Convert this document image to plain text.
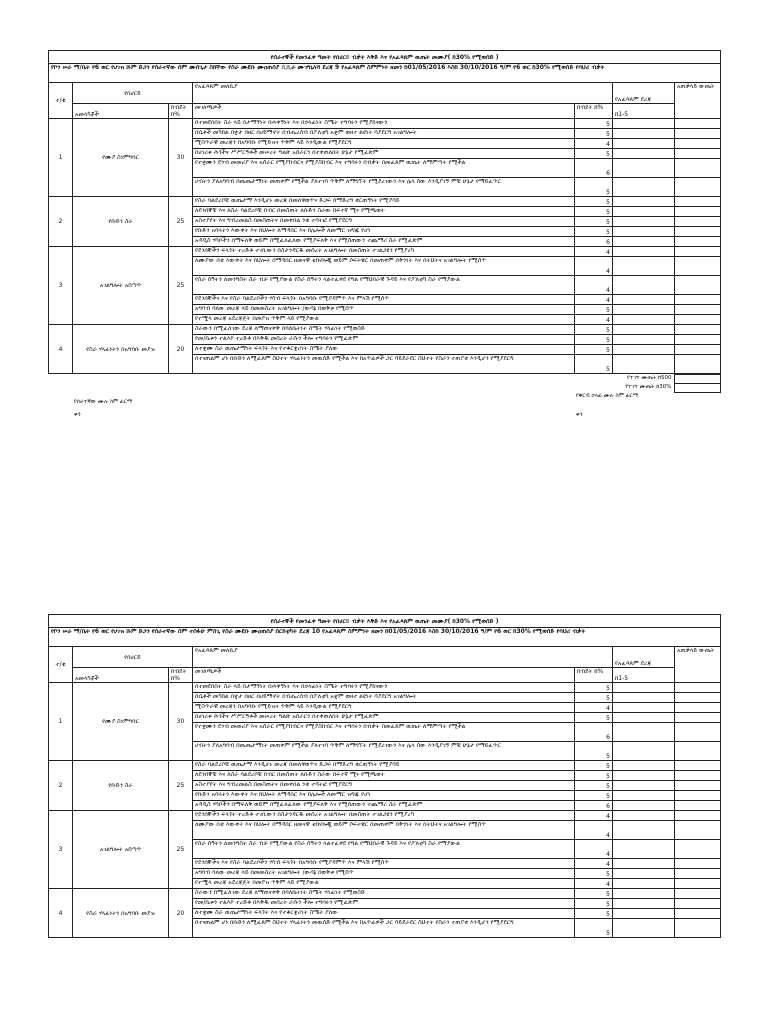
የሰራተኞች የመንፈቀ ዓመት የበሀርይ ብቃት እቅድ እና የአፈጻጸም ዉጤት መሙያ( ከ30% የሚወሰድ )						
የኮን ሠራ ማ/ቤት የ6 ወር የሀገዝ ሹም ድጋን የሰራተኛው ሰም ሙሰጊታ ስከቸው የስራ ሙደቡ ሙዐጠሰያ ሲሺራ ሙገግኒለሻ ደረጃ 9 የአፈጻጸም ስምምነት ዘመን ከ01/05/2016 እስከ 30/10/2016 ዓ/ም የ6 ወር ከ30% የሚወሰድ የባህሪ ብቃት						
ተ/ቁ	የበሀርይ		የአፈጻጸም መለኪያ		የአፈጻጸም ደረጃ	አጠቃላይ ውጤት
	አመላካቾች	ክብደት ከ%	መገለጫዎች	ክብደት ከ%	ከ1-5	
1	የሙያ ስነምግባር	30	በተመደበበት ስራ ላይ በታማኝነት በሐቀኝነት እና በኃላፊነት ስሜት ተግባሩን የሚያከናውን	5		
			በሴቶች መካከል በቋታ በዘር በሀይማኖት በብሔረሰብ በፖለቲካ አቋም ወዘተ ልዩነት ሳያደርግ አገልግሎት	5		
			ሚስጥራዊ መረጃን በአግባቡ የሚይዝና ጥቅም ላይ እንዲውል የሚያደርግ	4		
			በሀገሪቱ ሕጎችና ሥሥርዓቶች መሠረት ግልጽ አሰራርን በተቀጠለበት ሁኔታ የሚፈጽም	5		
			የተቋሙን ደንብ መመሪያ እና አሰራር የሚያከብርና የሚያስከብር እና ተግባሩን በብቃት በመፈጸም ዉጤት ለማምጣት የሚችል	6		
			ሀብትን ያለአግባብ በጤጤታማነት መጠቀም የሚችል ያለተገባ ጥቅም ለማግኘት የሚደረገውን እና ሌላ ሰው እንዲያገኝ ምቹ ሁኔታ የማይፈጥር	5		
2	የቡድን ስራ	25	የስራ ባልደረቦቹ ዉጤታማ እንዲሆኑ መረጃ በመለዋወጥና ድጋፍ በማድረግ ቁርጠኝነት የሚያሳይ	5		
			ለደንበኞቹ እና ለስራ ባልደረቦቹ ክብር በመስጠት ለቡድን ስራው ከፍተኛ ሚና የሚጫወት	5		
			አስተያየት እና ግብረመልስ በመስጠትና በመቀበል ንቁ ተሳትፎ የሚያደርግ	5		
			የቡድን አባላትን እውቀት እና ክህሎት ለማዳበር እና ክሌሎች ለመማር ዝግጁ የሆነ	5		
			አዳዲስ ሃሳቦችን በማፍለቅ ወይም በሚፈለፈለው የሚያፍለቅ እና የሚሰጠውን ተጨማሪ ስራ የሚፈጽም	6		
3	አገልግሎት አሰጣጥ	25	የደንበኞችን ፍላጎት ተረድቶ ተገቢውን በስታንዳርዱ መሰረት አገልግሎት በመስጠት ተገልጋዩን የሚያረካ	4		
			ለሙያው በቂ እውቀት እና ክህሎት በማዳበር ዘመናዊ ቴክኖሎጂ ወይም ሶፍትዌር በመጠቀም በቅንነት እና በትህትና አገልግሎት የሚሰጥ	4		
			የስራ ሰዓትን ለመንግስት ስራ ብቻ የሚያውል የስራ ሰዓትን ላልተፈቀደ የግል የማህበራዊ ጉዳይ እና የፖለቲካ ስራ የማያውል	4		
			የደንበኞችና እና የስራ ባልደረቦችን ሃሳብ ፍላጎት በአግባቡ የሚያዳምጥ እና ምላሽ የሚሰጥ	4		
			አግባብ ባለው መረጃ ላይ በመመስረት አገልግሎት /ውሳኔ በወቅቱ የሚሰጥ	5		
			የተሟላ መረጃ አደረጃጀት በመያዝ ጥቅም ላይ የሚያውል	4		
4	የስራ ሃላፊነትን በአግባቡ መያዝ	20	ስራውን በሚፈለገው ደረጃ ለማጠናቀቅ በባለቤትነት ስሜት ሃላፊነት የሚወስድ	5		
			የመ/ቤቱን ተልእኮ ተረድቶ በእቅዱ መሰረት ራሱን ችሎ ተግባሩን የሚፈጽም	5		
			ለተቋሙ ስራ ዉጤታማነት ፍላጎት እና የተቆርቋሪነት ስሜት ያለው	5		
			በተናጠልም ሆነ በቡድን ለሚፈጸም ስህተት ሃላፊነትን መዉሰድ የሚችል እና ከአጥፊዎች ጋር ሳይደራደር ስህተት የስራን ተጠያቂ እንዲሆን የሚያደርግ	5		
			የተገኘ ሙጤት ከ500	
			የተገኘ ሙጤት ከ30%	
	የሰራተኛው ሙሉ ስም ፊርማ		የቅርብ ኃላፊ ሙሉ ስም ፊርማ	
	ቀን		ቀን	
የሰራተኞች የመንፈቀ ዓመት የበሀርይ ብቃት እቅድ እና የአፈጻጸም ዉጤት መሙያ( ከ30% የሚወሰድ )						
የኮን ሠራ ማ/ቤት የ6 ወር የሀገዝ ሹም ድጋን የሰራተኛው ሰም ተሰፋሁ ምስጊ የስራ ሙደቡ ሙዐጠሰያ ሰርከቲካት ደረጃ 10 የአፈጻጸም ስምምነት ዘመን ከ01/05/2016 እስከ 30/10/2016 ዓ/ም የ6 ወር ከ30% የሚወሰድ የባህሪ ብቃት						
ተ/ቁ	የበሀርይ		የአፈጻጸም መለኪያ		የአፈጻጸም ደረጃ	አጠቃላይ ውጤት
	አመላካቾች	ክብደት ከ%	መገለጫዎች	ክብደት ከ%	ከ1-5	
1	የሙያ ስነምግባር	30	በተመደበበት ስራ ላይ በታማኝነት በሐቀኝነት እና በኃላፊነት ስሜት ተግባሩን የሚያከናውን	5		
			በሴቶች መካከል በቋታ በዘር በሀይማኖት በብሔረሰብ በፖለቲካ አቋም ወዘተ ልዩነት ሳያደርግ አገልግሎት	5		
			ሚስጥራዊ መረጃን በአግባቡ የሚይዝና ጥቅም ላይ እንዲውል የሚያደርግ	4		
			በሀገሪቱ ሕጎችና ሥሥርዓቶች መሠረት ግልጽ አሰራርን በተቀጠለበት ሁኔታ የሚፈጽም	5		
			የተቋሙን ደንብ መመሪያ እና አሰራር የሚያከብርና የሚያስከብር እና ተግባሩን በብቃት በመፈጸም ዉጤት ለማምጣት የሚችል	6		
			ሀብትን ያለአግባብ በጤጤታማነት መጠቀም የሚችል ያለተገባ ጥቅም ለማግኘት የሚደረገውን እና ሌላ ሰው እንዲያገኝ ምቹ ሁኔታ የማይፈጥር	5		
2	የቡድን ስራ	25	የስራ ባልደረቦቹ ዉጤታማ እንዲሆኑ መረጃ በመለዋወጥና ድጋፍ በማድረግ ቁርጠኝነት የሚያሳይ	5		
			ለደንበኞቹ እና ለስራ ባልደረቦቹ ክብር በመስጠት ለቡድን ስራው ከፍተኛ ሚና የሚጫወት	5		
			አስተያየት እና ግብረመልስ በመስጠትና በመቀበል ንቁ ተሳትፎ የሚያደርግ	5		
			የቡድን አባላትን እውቀት እና ክህሎት ለማዳበር እና ክሌሎች ለመማር ዝግጁ የሆነ	5		
			አዳዲስ ሃሳቦችን በማፍለቅ ወይም በሚፈለፈለው የሚያፍለቅ እና የሚሰጠውን ተጨማሪ ስራ የሚፈጽም	6		
3	አገልግሎት አሰጣጥ	25	የደንበኞችን ፍላጎት ተረድቶ ተገቢውን በስታንዳርዱ መሰረት አገልግሎት በመስጠት ተገልጋዩን የሚያረካ	4		
			ለሙያው በቂ እውቀት እና ክህሎት በማዳበር ዘመናዊ ቴክኖሎጂ ወይም ሶፍትዌር በመጠቀም በቅንነት እና በትህትና አገልግሎት የሚሰጥ	4		
			የስራ ሰዓትን ለመንግስት ስራ ብቻ የሚያውል የስራ ሰዓትን ላልተፈቀደ የግል የማህበራዊ ጉዳይ እና የፖለቲካ ስራ የማያውል	4		
			የደንበኞችና እና የስራ ባልደረቦችን ሃሳብ ፍላጎት በአግባቡ የሚያዳምጥ እና ምላሽ የሚሰጥ	4		
			አግባብ ባለው መረጃ ላይ በመመስረት አገልግሎት /ውሳኔ በወቅቱ የሚሰጥ	5		
			የተሟላ መረጃ አደረጃጀት በመያዝ ጥቅም ላይ የሚያውል	4		
4	የስራ ሃላፊነትን በአግባቡ መያዝ	20	ስራውን በሚፈለገው ደረጃ ለማጠናቀቅ በባለቤትነት ስሜት ሃላፊነት የሚወስድ	5		
			የመ/ቤቱን ተልእኮ ተረድቶ በእቅዱ መሰረት ራሱን ችሎ ተግባሩን የሚፈጽም	5		
			ለተቋሙ ስራ ዉጤታማነት ፍላጎት እና የተቆርቋሪነት ስሜት ያለው	5		
			በተናጠልም ሆነ በቡድን ለሚፈጸም ስህተት ሃላፊነትን መዉሰድ የሚችል እና ከአጥፊዎች ጋር ሳይደራደር ስህተት የስራን ተጠያቂ እንዲሆን የሚያደርግ	5		
